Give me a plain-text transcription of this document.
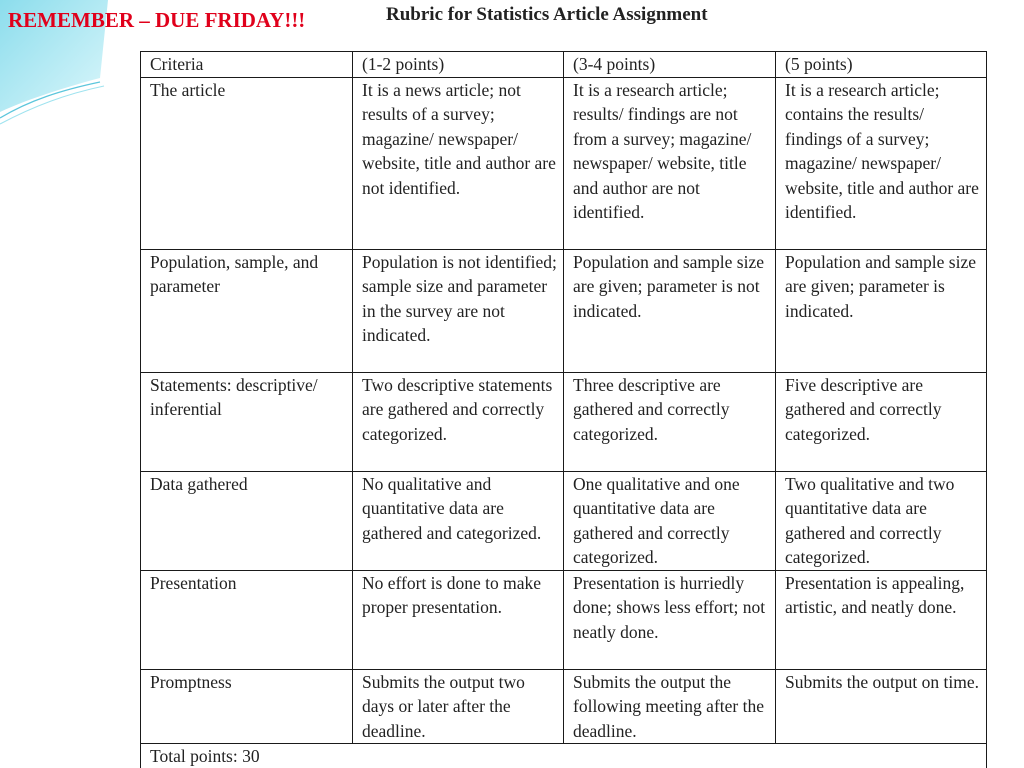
REMEMBER – DUE FRIDAY!!!	Rubric for Statistics Article Assignment
Criteria	(1-2 points)	(3-4 points)	(5 points)
The article	It is a news article; not results of a survey; magazine/ newspaper/ website, title and author are not identified.	It is a research article; results/ findings are not from a survey; magazine/ newspaper/ website, title and author are not identified.	It is a research article; contains the results/ findings of a survey; magazine/ newspaper/ website, title and author are identified.
Population, sample, and parameter	Population is not identified; sample size and parameter in the survey are not indicated.	Population and sample size are given; parameter is not indicated.	Population and sample size are given; parameter is indicated.
Statements: descriptive/ inferential	Two descriptive statements are gathered and correctly categorized.	Three descriptive are gathered and correctly categorized.	Five descriptive are gathered and correctly categorized.
Data gathered	No qualitative and quantitative data are gathered and categorized.	One qualitative and one quantitative data are gathered and correctly categorized.	Two qualitative and two quantitative data are gathered and correctly categorized.
Presentation	No effort is done to make proper presentation.	Presentation is hurriedly done; shows less effort; not neatly done.	Presentation is appealing, artistic, and neatly done.
Promptness	Submits the output two days or later after the deadline.	Submits the output the following meeting after the deadline.	Submits the output on time.
Total points: 30			
